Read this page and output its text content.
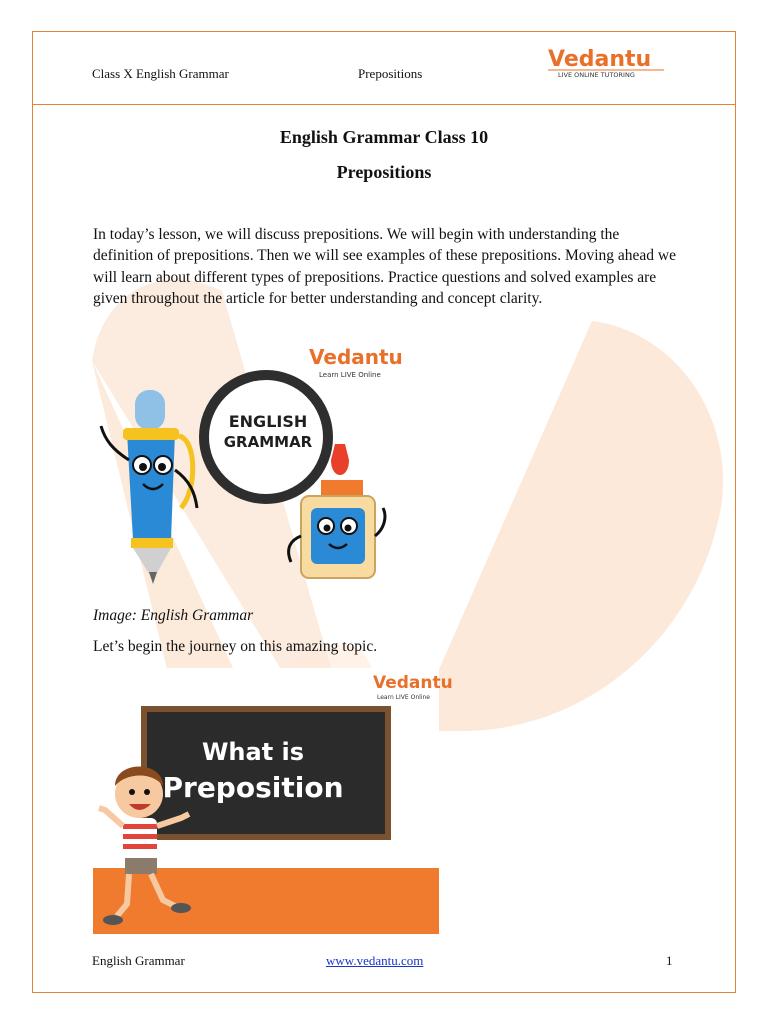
Class X English Grammar	Prepositions
Vedantu
LIVE ONLINE TUTORING
English Grammar Class 10
Prepositions

In today’s lesson, we will discuss prepositions. We will begin with understanding the definition of prepositions. Then we will see examples of these prepositions. Moving ahead we will learn about different types of prepositions. Practice questions and solved examples are given throughout the article for better understanding and concept clarity.

Vedantu
Learn LIVE Online
ENGLISH
GRAMMAR

Image: English Grammar

Let’s begin the journey on this amazing topic.

Vedantu
Learn LIVE Online
What is
Preposition
English Grammar	www.vedantu.com	1
